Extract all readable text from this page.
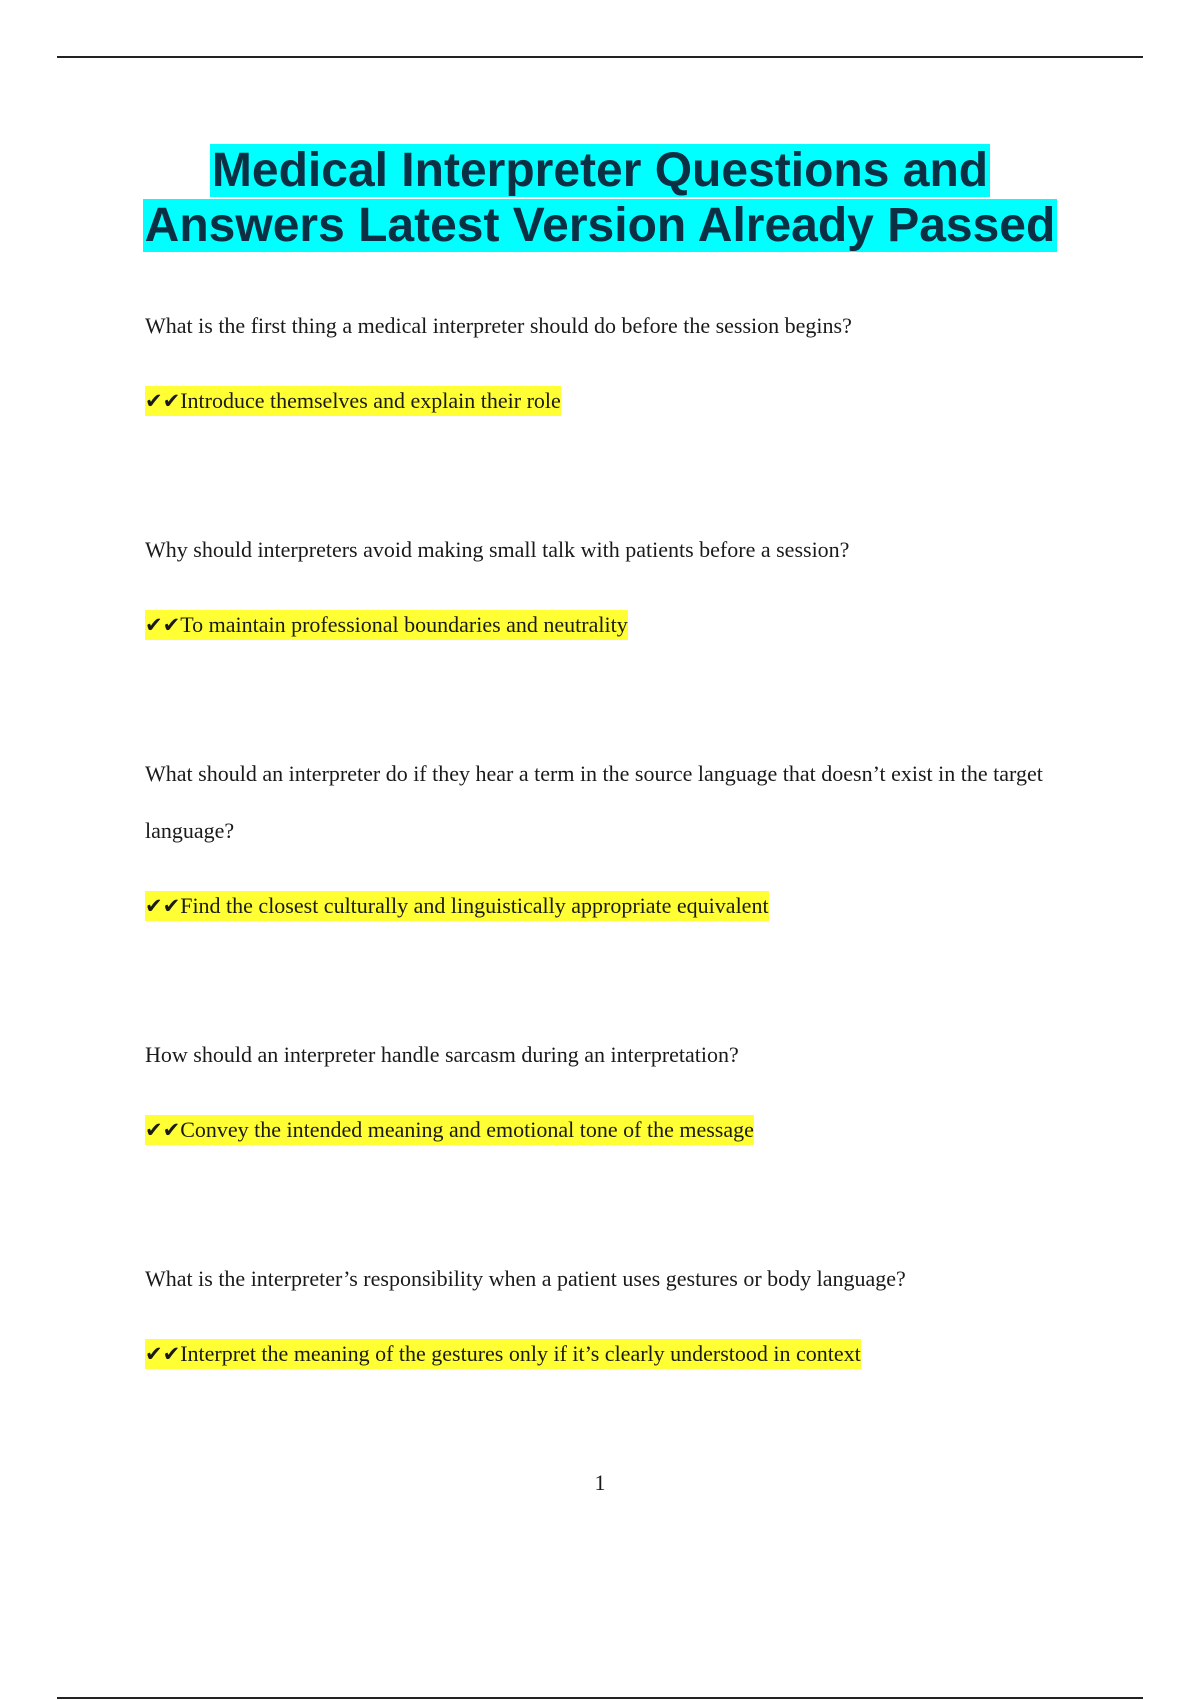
Medical Interpreter Questions and
Answers Latest Version Already Passed

What is the first thing a medical interpreter should do before the session begins?

✔✔Introduce themselves and explain their role

Why should interpreters avoid making small talk with patients before a session?

✔✔To maintain professional boundaries and neutrality

What should an interpreter do if they hear a term in the source language that doesn’t exist in the target language?

✔✔Find the closest culturally and linguistically appropriate equivalent

How should an interpreter handle sarcasm during an interpretation?

✔✔Convey the intended meaning and emotional tone of the message

What is the interpreter’s responsibility when a patient uses gestures or body language?

✔✔Interpret the meaning of the gestures only if it’s clearly understood in context

1
